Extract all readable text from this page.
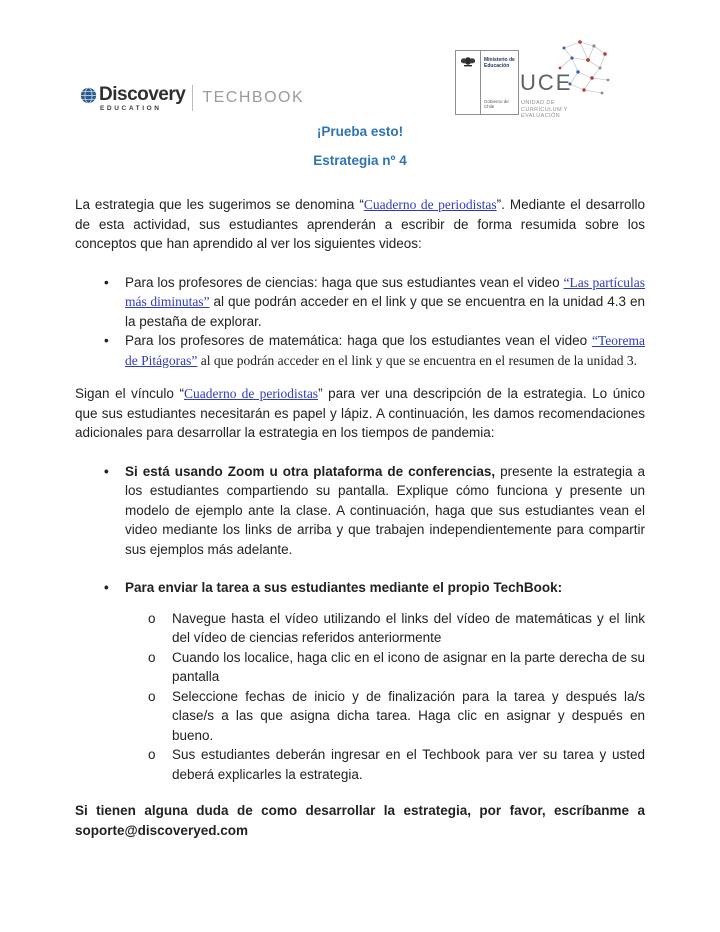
Discovery
EDUCATION
TECHBOOK
Ministerio de
Educación
Gobierno de Chile
UCE
UNIDAD DE
CURRÍCULUM Y
EVALUACIÓN
¡Prueba esto!
Estrategia nº 4

La estrategia que les sugerimos se denomina “Cuaderno de periodistas”. Mediante el desarrollo de esta actividad, sus estudiantes aprenderán a escribir de forma resumida sobre los conceptos que han aprendido al ver los siguientes videos:

•	Para los profesores de ciencias: haga que sus estudiantes vean el video “Las partículas más diminutas” al que podrán acceder en el link y que se encuentra en la unidad 4.3 en la pestaña de explorar.
•	Para los profesores de matemática: haga que los estudiantes vean el video “Teorema de Pitágoras” al que podrán acceder en el link y que se encuentra en el resumen de la unidad 3.

Sigan el vínculo “Cuaderno de periodistas” para ver una descripción de la estrategia. Lo único que sus estudiantes necesitarán es papel y lápiz. A continuación, les damos recomendaciones adicionales para desarrollar la estrategia en los tiempos de pandemia:

•	Si está usando Zoom u otra plataforma de conferencias, presente la estrategia a los estudiantes compartiendo su pantalla. Explique cómo funciona y presente un modelo de ejemplo ante la clase. A continuación, haga que sus estudiantes vean el video mediante los links de arriba y que trabajen independientemente para compartir sus ejemplos más adelante.
•	Para enviar la tarea a sus estudiantes mediante el propio TechBook:
o	Navegue hasta el vídeo utilizando el links del vídeo de matemáticas y el link del vídeo de ciencias referidos anteriormente
o	Cuando los localice, haga clic en el icono de asignar en la parte derecha de su pantalla
o	Seleccione fechas de inicio y de finalización para la tarea y después la/s clase/s a las que asigna dicha tarea. Haga clic en asignar y después en bueno.
o	Sus estudiantes deberán ingresar en el Techbook para ver su tarea y usted deberá explicarles la estrategia.

Si tienen alguna duda de como desarrollar la estrategia, por favor, escríbanme a soporte@discoveryed.com
